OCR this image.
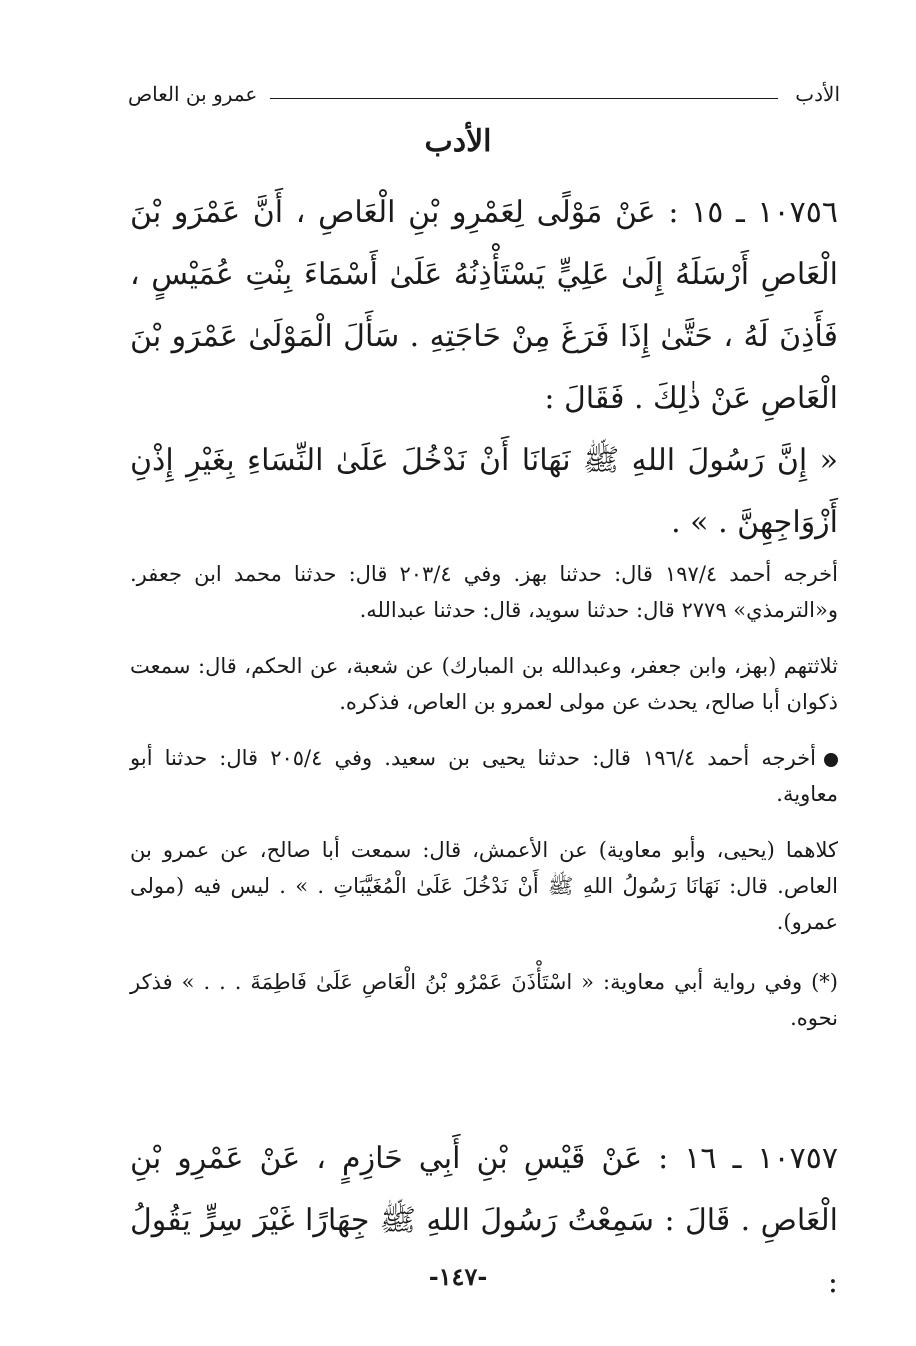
الأدب
عمرو بن العاص
الأدب
١٠٧٥٦ ـ ١٥ : عَنْ مَوْلًى لِعَمْرِو بْنِ الْعَاصِ ، أَنَّ عَمْرَو بْنَ الْعَاصِ أَرْسَلَهُ إِلَىٰ عَلِيٍّ يَسْتَأْذِنُهُ عَلَىٰ أَسْمَاءَ بِنْتِ عُمَيْسٍ ، فَأَذِنَ لَهُ ، حَتَّىٰ إِذَا فَرَغَ مِنْ حَاجَتِهِ . سَأَلَ الْمَوْلَىٰ عَمْرَو بْنَ الْعَاصِ عَنْ ذٰلِكَ . فَقَالَ :
« إِنَّ رَسُولَ اللهِ ﷺ نَهَانَا أَنْ نَدْخُلَ عَلَىٰ النِّسَاءِ بِغَيْرِ إِذْنِ أَزْوَاجِهِنَّ . » .
أخرجه أحمد ١٩٧/٤ قال: حدثنا بهز. وفي ٢٠٣/٤ قال: حدثنا محمد ابن جعفر. و«الترمذي» ٢٧٧٩ قال: حدثنا سويد، قال: حدثنا عبدالله.
ثلاثتهم (بهز، وابن جعفر، وعبدالله بن المبارك) عن شعبة، عن الحكم، قال: سمعت ذكوان أبا صالح، يحدث عن مولى لعمرو بن العاص، فذكره.
أخرجه أحمد ١٩٦/٤ قال: حدثنا يحيى بن سعيد. وفي ٢٠٥/٤ قال: حدثنا أبو معاوية.
كلاهما (يحيى، وأبو معاوية) عن الأعمش، قال: سمعت أبا صالح، عن عمرو بن العاص. قال: نَهَانَا رَسُولُ اللهِ ﷺ أَنْ نَدْخُلَ عَلَىٰ الْمُغَيَّبَاتِ . » . ليس فيه (مولى عمرو).
(*) وفي رواية أبي معاوية: « اسْتَأْذَنَ عَمْرُو بْنُ الْعَاصِ عَلَىٰ فَاطِمَةَ . . . » فذكر نحوه.
١٠٧٥٧ ـ ١٦ : عَنْ قَيْسِ بْنِ أَبِي حَازِمٍ ، عَنْ عَمْرِو بْنِ الْعَاصِ . قَالَ : سَمِعْتُ رَسُولَ اللهِ ﷺ جِهَارًا غَيْرَ سِرٍّ يَقُولُ :
-١٤٧-
